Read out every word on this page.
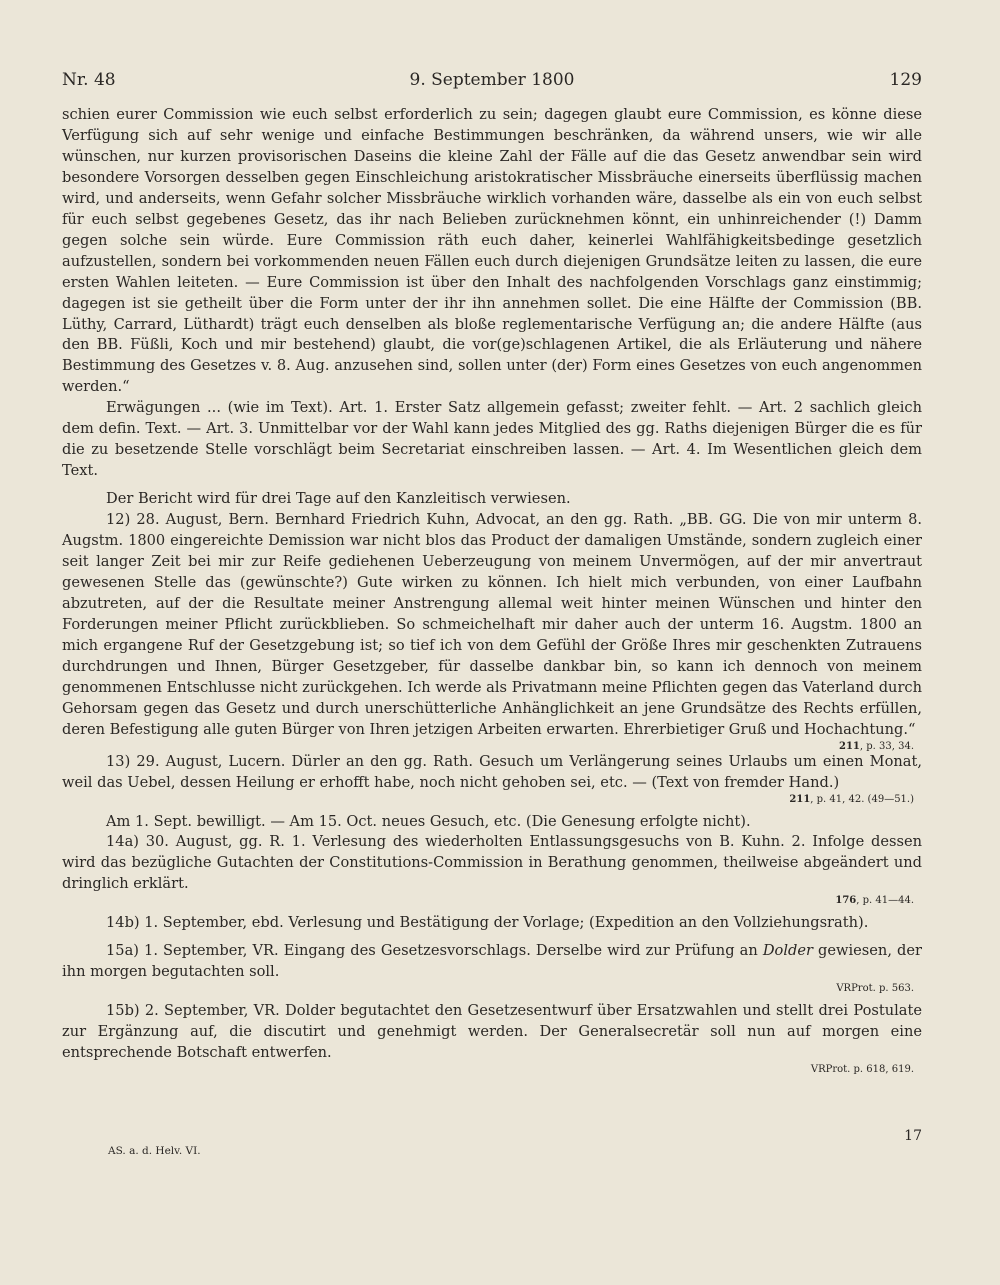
Nr. 48	9. September 1800	129

schien eurer Commission wie euch selbst erforderlich zu sein; dagegen glaubt eure Commission, es könne diese Verfügung sich auf sehr wenige und einfache Bestimmungen beschränken, da während unsers, wie wir alle wünschen, nur kurzen provisorischen Daseins die kleine Zahl der Fälle auf die das Gesetz anwendbar sein wird besondere Vorsorgen desselben gegen Einschleichung aristokratischer Missbräuche einerseits überflüssig machen wird, und anderseits, wenn Gefahr solcher Missbräuche wirklich vorhanden wäre, dasselbe als ein von euch selbst für euch selbst gegebenes Gesetz, das ihr nach Belieben zurücknehmen könnt, ein unhinreichender (!) Damm gegen solche sein würde. Eure Commission räth euch daher, keinerlei Wahlfähigkeitsbedinge gesetzlich aufzustellen, sondern bei vorkommenden neuen Fällen euch durch diejenigen Grundsätze leiten zu lassen, die eure ersten Wahlen leiteten. — Eure Commission ist über den Inhalt des nachfolgenden Vorschlags ganz einstimmig; dagegen ist sie getheilt über die Form unter der ihr ihn annehmen sollet. Die eine Hälfte der Commission (BB. Lüthy, Carrard, Lüthardt) trägt euch denselben als bloße reglementarische Verfügung an; die andere Hälfte (aus den BB. Füßli, Koch und mir bestehend) glaubt, die vor(ge)schlagenen Artikel, die als Erläuterung und nähere Bestimmung des Gesetzes v. 8. Aug. anzusehen sind, sollen unter (der) Form eines Gesetzes von euch angenommen werden.“

Erwägungen ... (wie im Text). Art. 1. Erster Satz allgemein gefasst; zweiter fehlt. — Art. 2 sachlich gleich dem defin. Text. — Art. 3. Unmittelbar vor der Wahl kann jedes Mitglied des gg. Raths diejenigen Bürger die es für die zu besetzende Stelle vorschlägt beim Secretariat einschreiben lassen. — Art. 4. Im Wesentlichen gleich dem Text.

Der Bericht wird für drei Tage auf den Kanzleitisch verwiesen.

12) 28. August, Bern. Bernhard Friedrich Kuhn, Advocat, an den gg. Rath. „BB. GG. Die von mir unterm 8. Augstm. 1800 eingereichte Demission war nicht blos das Product der damaligen Umstände, sondern zugleich einer seit langer Zeit bei mir zur Reife gediehenen Ueberzeugung von meinem Unvermögen, auf der mir anvertraut gewesenen Stelle das (gewünschte?) Gute wirken zu können. Ich hielt mich verbunden, von einer Laufbahn abzutreten, auf der die Resultate meiner Anstrengung allemal weit hinter meinen Wünschen und hinter den Forderungen meiner Pflicht zurückblieben. So schmeichelhaft mir daher auch der unterm 16. Augstm. 1800 an mich ergangene Ruf der Gesetzgebung ist; so tief ich von dem Gefühl der Größe Ihres mir geschenkten Zutrauens durchdrungen und Ihnen, Bürger Gesetzgeber, für dasselbe dankbar bin, so kann ich dennoch von meinem genommenen Entschlusse nicht zurückgehen. Ich werde als Privatmann meine Pflichten gegen das Vaterland durch Gehorsam gegen das Gesetz und durch unerschütterliche Anhänglichkeit an jene Grundsätze des Rechts erfüllen, deren Befestigung alle guten Bürger von Ihren jetzigen Arbeiten erwarten. Ehrerbietiger Gruß und Hochachtung.“

211, p. 33, 34.

13) 29. August, Lucern. Dürler an den gg. Rath. Gesuch um Verlängerung seines Urlaubs um einen Monat, weil das Uebel, dessen Heilung er erhofft habe, noch nicht gehoben sei, etc. — (Text von fremder Hand.)

211, p. 41, 42. (49—51.)

Am 1. Sept. bewilligt. — Am 15. Oct. neues Gesuch, etc. (Die Genesung erfolgte nicht).

14a) 30. August, gg. R. 1. Verlesung des wiederholten Entlassungsgesuchs von B. Kuhn. 2. Infolge dessen wird das bezügliche Gutachten der Constitutions-Commission in Berathung genommen, theilweise abgeändert und dringlich erklärt.

176, p. 41—44.

14b) 1. September, ebd. Verlesung und Bestätigung der Vorlage; (Expedition an den Vollziehungsrath).

15a) 1. September, VR. Eingang des Gesetzesvorschlags. Derselbe wird zur Prüfung an Dolder gewiesen, der ihn morgen begutachten soll.

VRProt. p. 563.

15b) 2. September, VR. Dolder begutachtet den Gesetzesentwurf über Ersatzwahlen und stellt drei Postulate zur Ergänzung auf, die discutirt und genehmigt werden. Der Generalsecretär soll nun auf morgen eine entsprechende Botschaft entwerfen.

VRProt. p. 618, 619.

17
AS. a. d. Helv. VI.
